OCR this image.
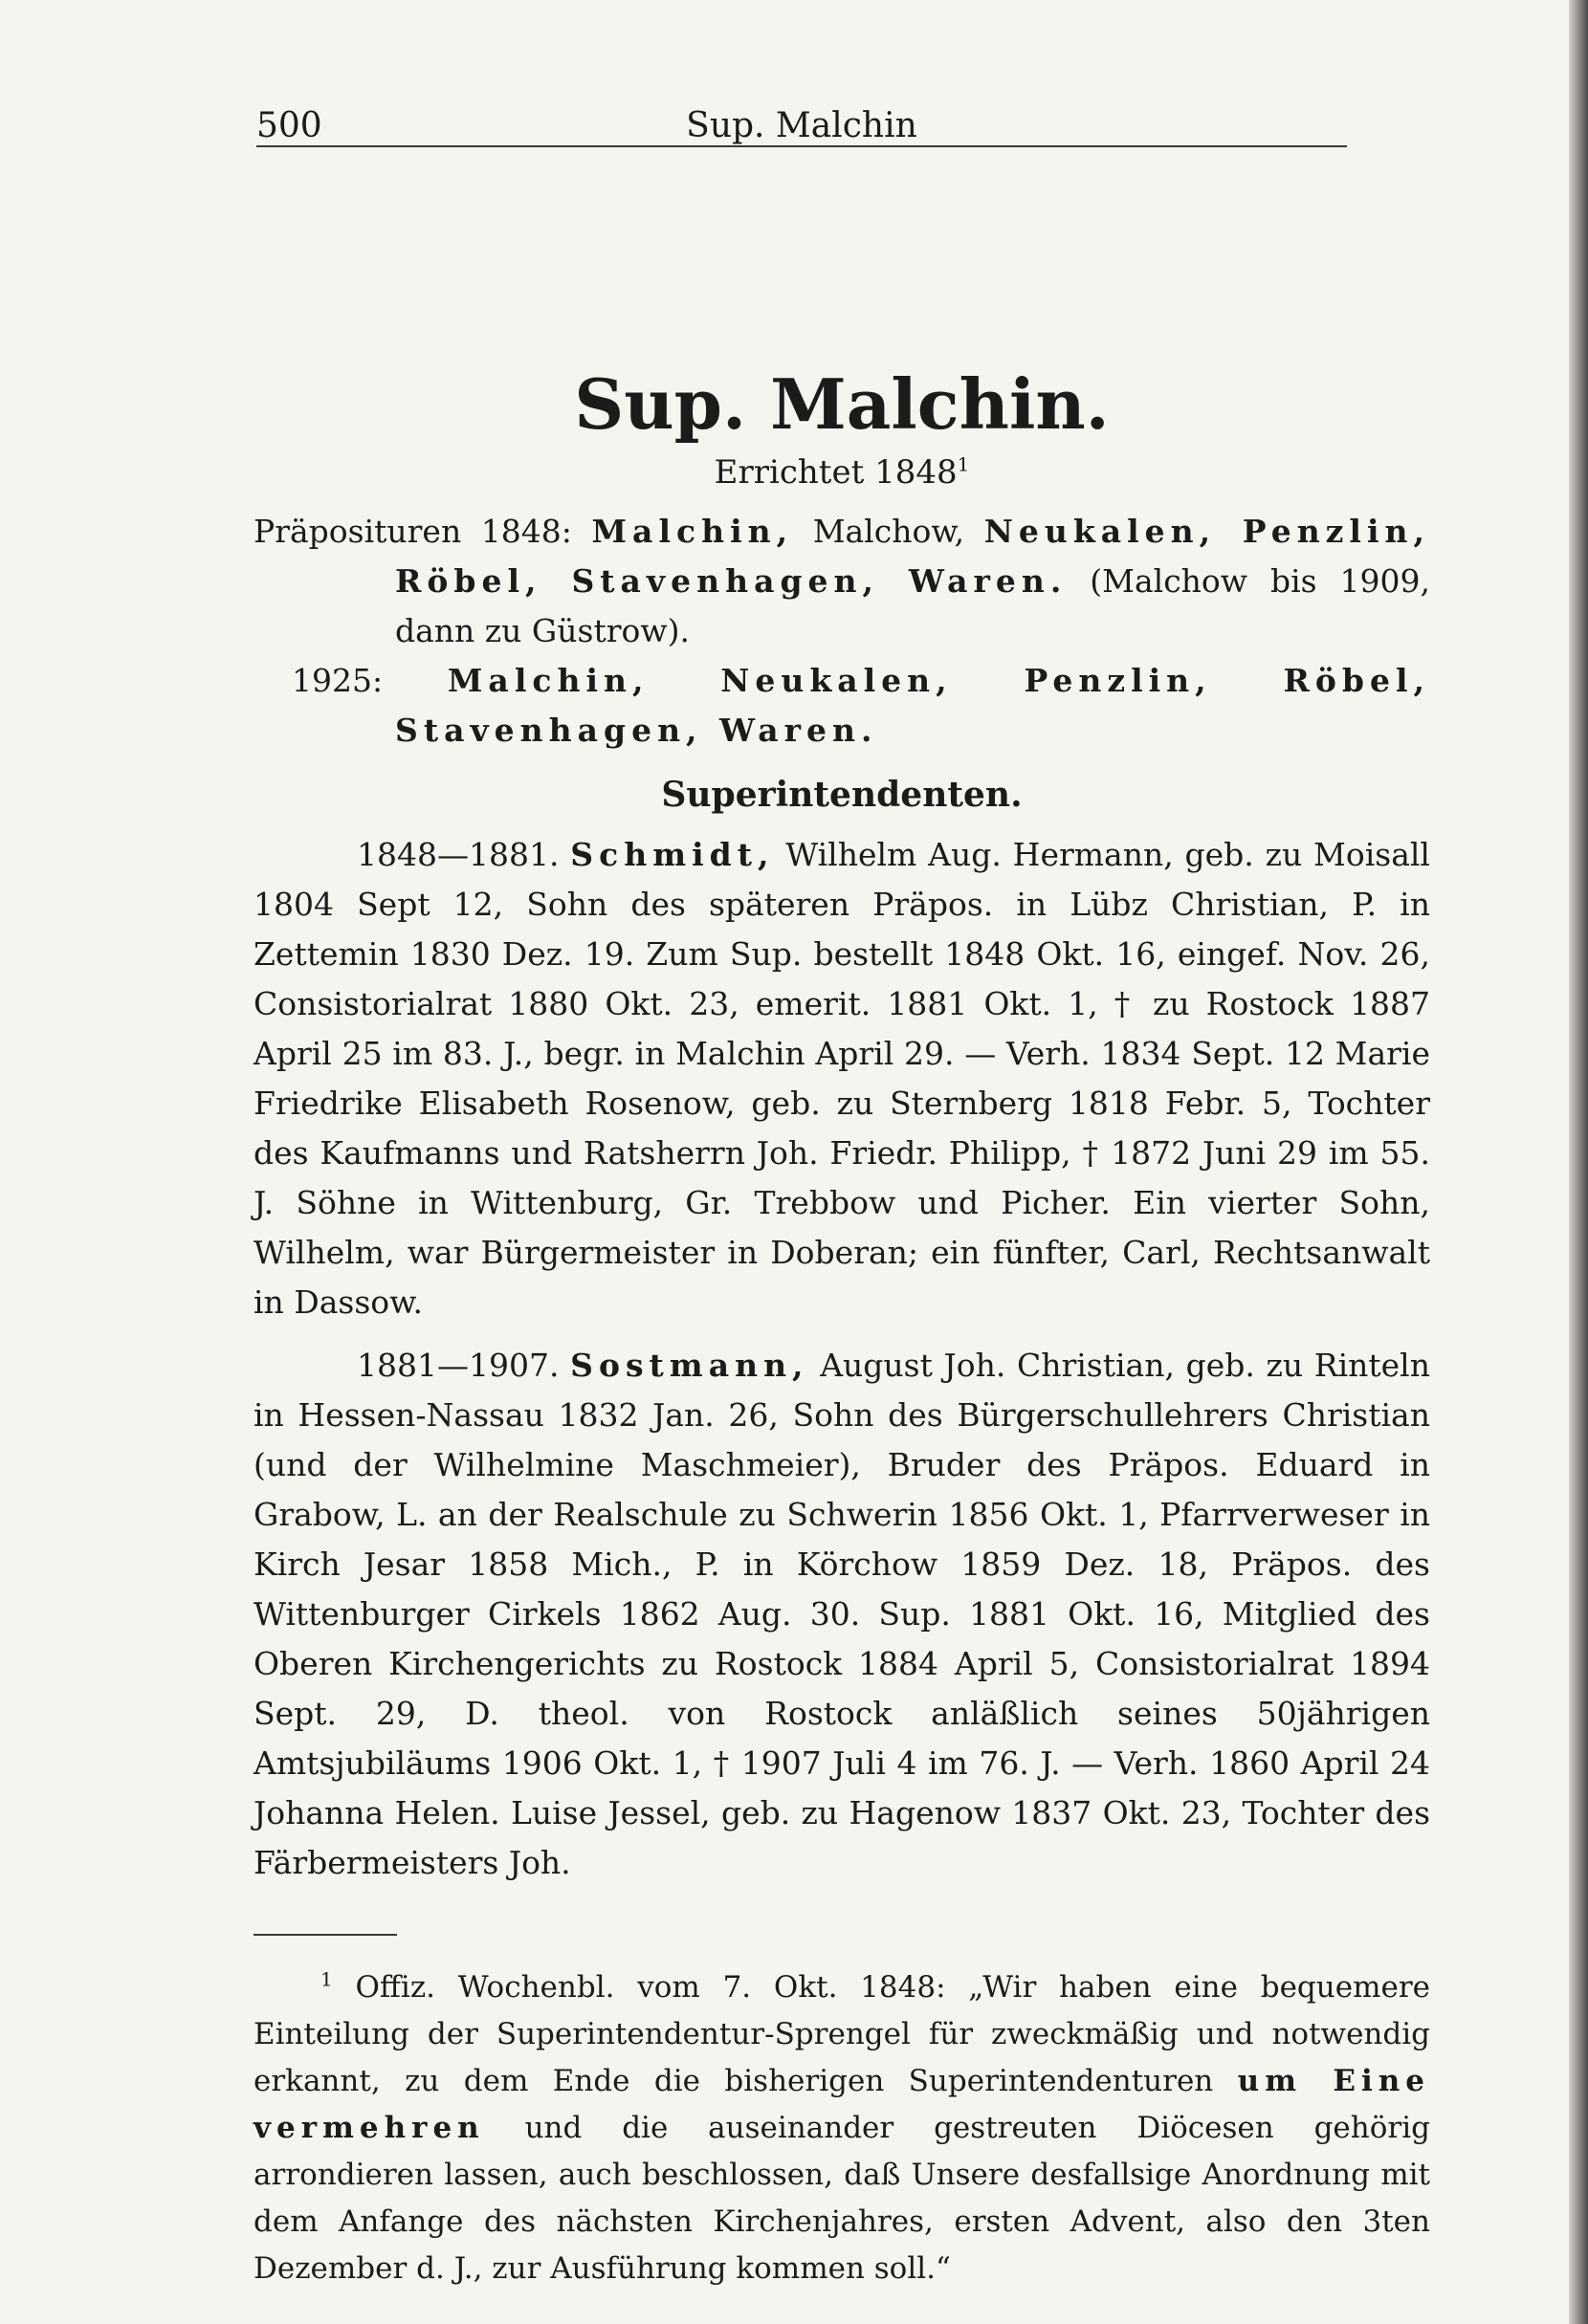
500	Sup. Malchin
Sup. Malchin.

Errichtet 1848$^1$

Präposituren 1848: Malchin, Malchow, Neukalen, Penzlin, Röbel, Stavenhagen, Waren. (Malchow bis 1909, dann zu Güstrow).

1925: Malchin, Neukalen, Penzlin, Röbel, Stavenhagen, Waren.

Superintendenten.

1848—1881. Schmidt, Wilhelm Aug. Hermann, geb. zu Moisall 1804 Sept 12, Sohn des späteren Präpos. in Lübz Christian, P. in Zettemin 1830 Dez. 19. Zum Sup. bestellt 1848 Okt. 16, eingef. Nov. 26, Consistorialrat 1880 Okt. 23, emerit. 1881 Okt. 1, † zu Rostock 1887 April 25 im 83. J., begr. in Malchin April 29. — Verh. 1834 Sept. 12 Marie Friedrike Elisabeth Rosenow, geb. zu Sternberg 1818 Febr. 5, Tochter des Kaufmanns und Ratsherrn Joh. Friedr. Philipp, † 1872 Juni 29 im 55. J. Söhne in Wittenburg, Gr. Trebbow und Picher. Ein vierter Sohn, Wilhelm, war Bürgermeister in Doberan; ein fünfter, Carl, Rechtsanwalt in Dassow.

1881—1907. Sostmann, August Joh. Christian, geb. zu Rinteln in Hessen-Nassau 1832 Jan. 26, Sohn des Bürgerschullehrers Christian (und der Wilhelmine Maschmeier), Bruder des Präpos. Eduard in Grabow, L. an der Realschule zu Schwerin 1856 Okt. 1, Pfarrverweser in Kirch Jesar 1858 Mich., P. in Körchow 1859 Dez. 18, Präpos. des Wittenburger Cirkels 1862 Aug. 30. Sup. 1881 Okt. 16, Mitglied des Oberen Kirchengerichts zu Rostock 1884 April 5, Consistorialrat 1894 Sept. 29, D. theol. von Rostock anläßlich seines 50jährigen Amtsjubiläums 1906 Okt. 1, † 1907 Juli 4 im 76. J. — Verh. 1860 April 24 Johanna Helen. Luise Jessel, geb. zu Hagenow 1837 Okt. 23, Tochter des Färbermeisters Joh.

$^1$ Offiz. Wochenbl. vom 7. Okt. 1848: „Wir haben eine bequemere Einteilung der Superintendentur-Sprengel für zweckmäßig und notwendig erkannt, zu dem Ende die bisherigen Superintendenturen um Eine vermehren und die auseinander gestreuten Diöcesen gehörig arrondieren lassen, auch beschlossen, daß Unsere desfallsige Anordnung mit dem Anfange des nächsten Kirchenjahres, ersten Advent, also den 3ten Dezember d. J., zur Ausführung kommen soll.“
